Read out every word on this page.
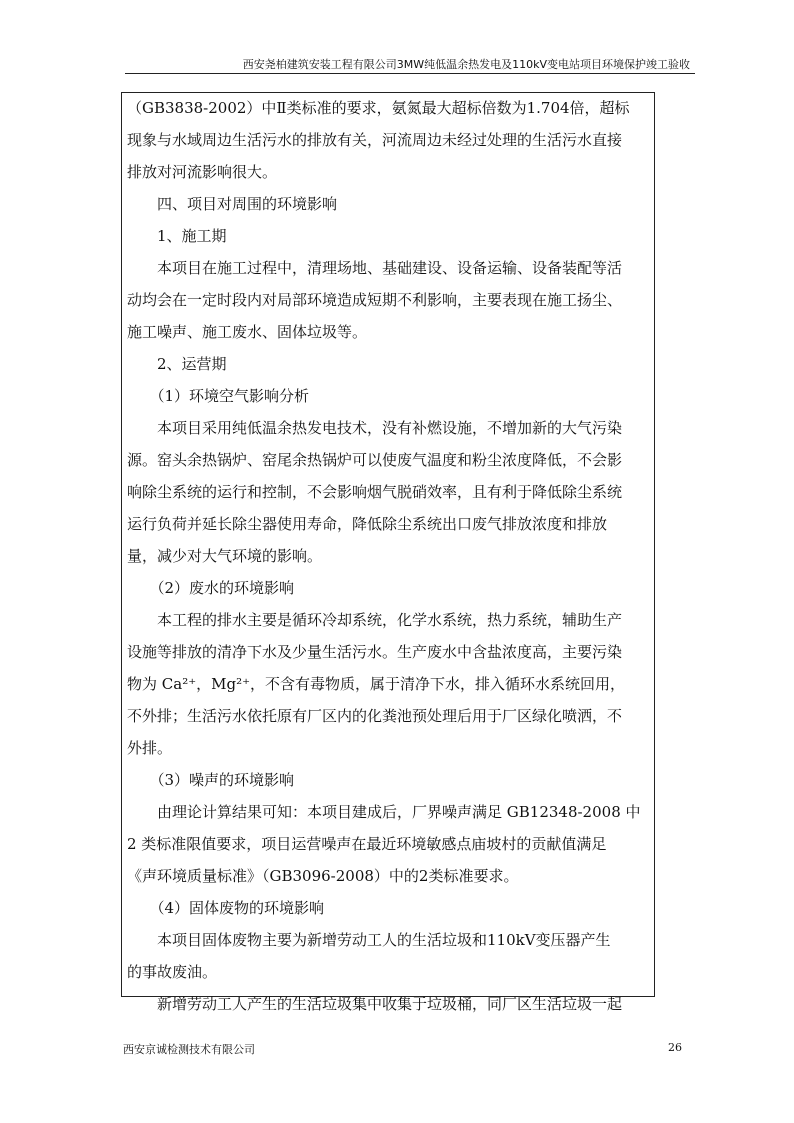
西安尧柏建筑安装工程有限公司3MW纯低温余热发电及110kV变电站项目环境保护竣工验收
（GB3838-2002）中Ⅱ类标准的要求，氨氮最大超标倍数为1.704倍，超标
现象与水域周边生活污水的排放有关，河流周边未经过处理的生活污水直接
排放对河流影响很大。
　　四、项目对周围的环境影响
　　1、施工期
　　本项目在施工过程中，清理场地、基础建设、设备运输、设备装配等活
动均会在一定时段内对局部环境造成短期不利影响，主要表现在施工扬尘、
施工噪声、施工废水、固体垃圾等。
　　2、运营期
　　（1）环境空气影响分析
　　本项目采用纯低温余热发电技术，没有补燃设施，不增加新的大气污染
源。窑头余热锅炉、窑尾余热锅炉可以使废气温度和粉尘浓度降低，不会影
响除尘系统的运行和控制，不会影响烟气脱硝效率，且有利于降低除尘系统
运行负荷并延长除尘器使用寿命，降低除尘系统出口废气排放浓度和排放
量，减少对大气环境的影响。
　　（2）废水的环境影响
　　本工程的排水主要是循环冷却系统，化学水系统，热力系统，辅助生产
设施等排放的清净下水及少量生活污水。生产废水中含盐浓度高，主要污染
物为 Ca²⁺，Mg²⁺，不含有毒物质，属于清净下水，排入循环水系统回用，
不外排；生活污水依托原有厂区内的化粪池预处理后用于厂区绿化喷洒，不
外排。
　　（3）噪声的环境影响
　　由理论计算结果可知：本项目建成后，厂界噪声满足 GB12348-2008 中
2 类标准限值要求，项目运营噪声在最近环境敏感点庙坡村的贡献值满足
《声环境质量标准》（GB3096-2008）中的2类标准要求。
　　（4）固体废物的环境影响
　　本项目固体废物主要为新增劳动工人的生活垃圾和110kV变压器产生
的事故废油。
　　新增劳动工人产生的生活垃圾集中收集于垃圾桶，同厂区生活垃圾一起
西安京诚检测技术有限公司	26
